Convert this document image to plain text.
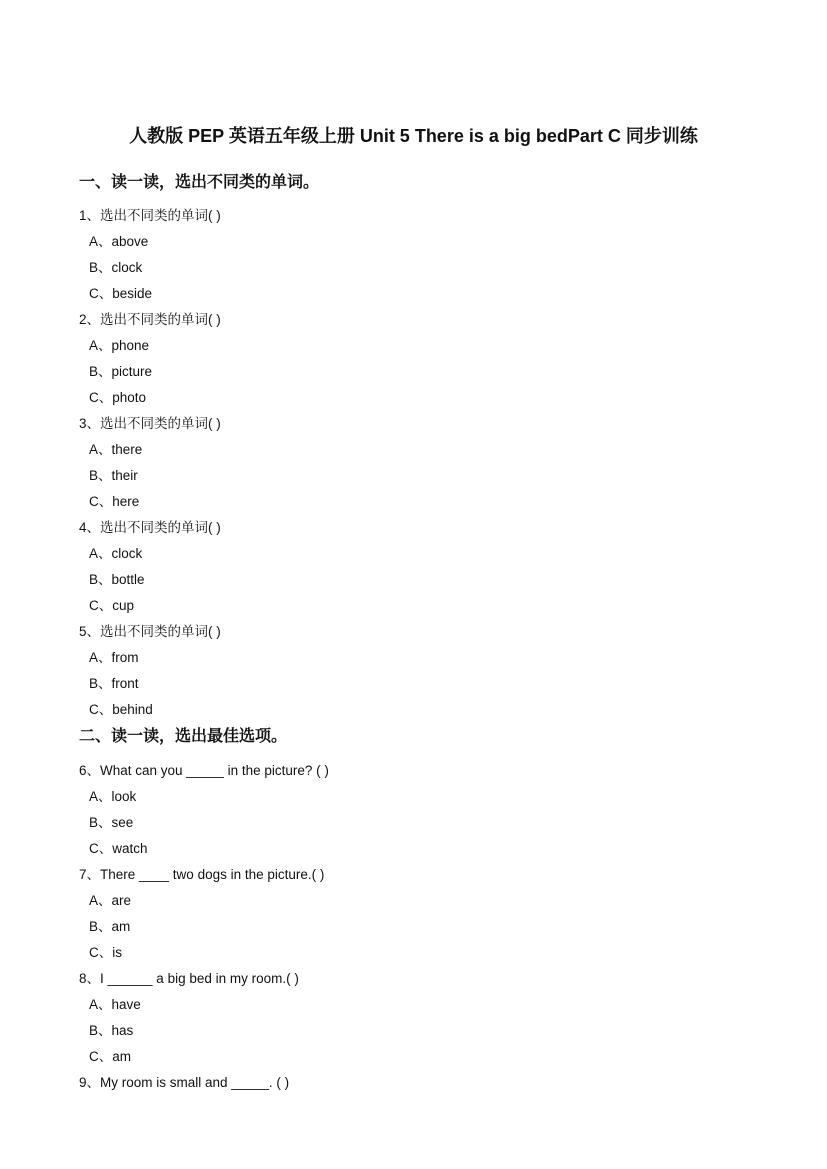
人教版 PEP 英语五年级上册 Unit 5 There is a big bedPart C 同步训练
一、读一读，选出不同类的单词。
1、选出不同类的单词( )
A、above
B、clock
C、beside
2、选出不同类的单词( )
A、phone
B、picture
C、photo
3、选出不同类的单词( )
A、there
B、their
C、here
4、选出不同类的单词( )
A、clock
B、bottle
C、cup
5、选出不同类的单词( )
A、from
B、front
C、behind
二、读一读，选出最佳选项。
6、What can you _____ in the picture? ( )
A、look
B、see
C、watch
7、There ____ two dogs in the picture.( )
A、are
B、am
C、is
8、I ______ a big bed in my room.( )
A、have
B、has
C、am
9、My room is small and _____. ( )
